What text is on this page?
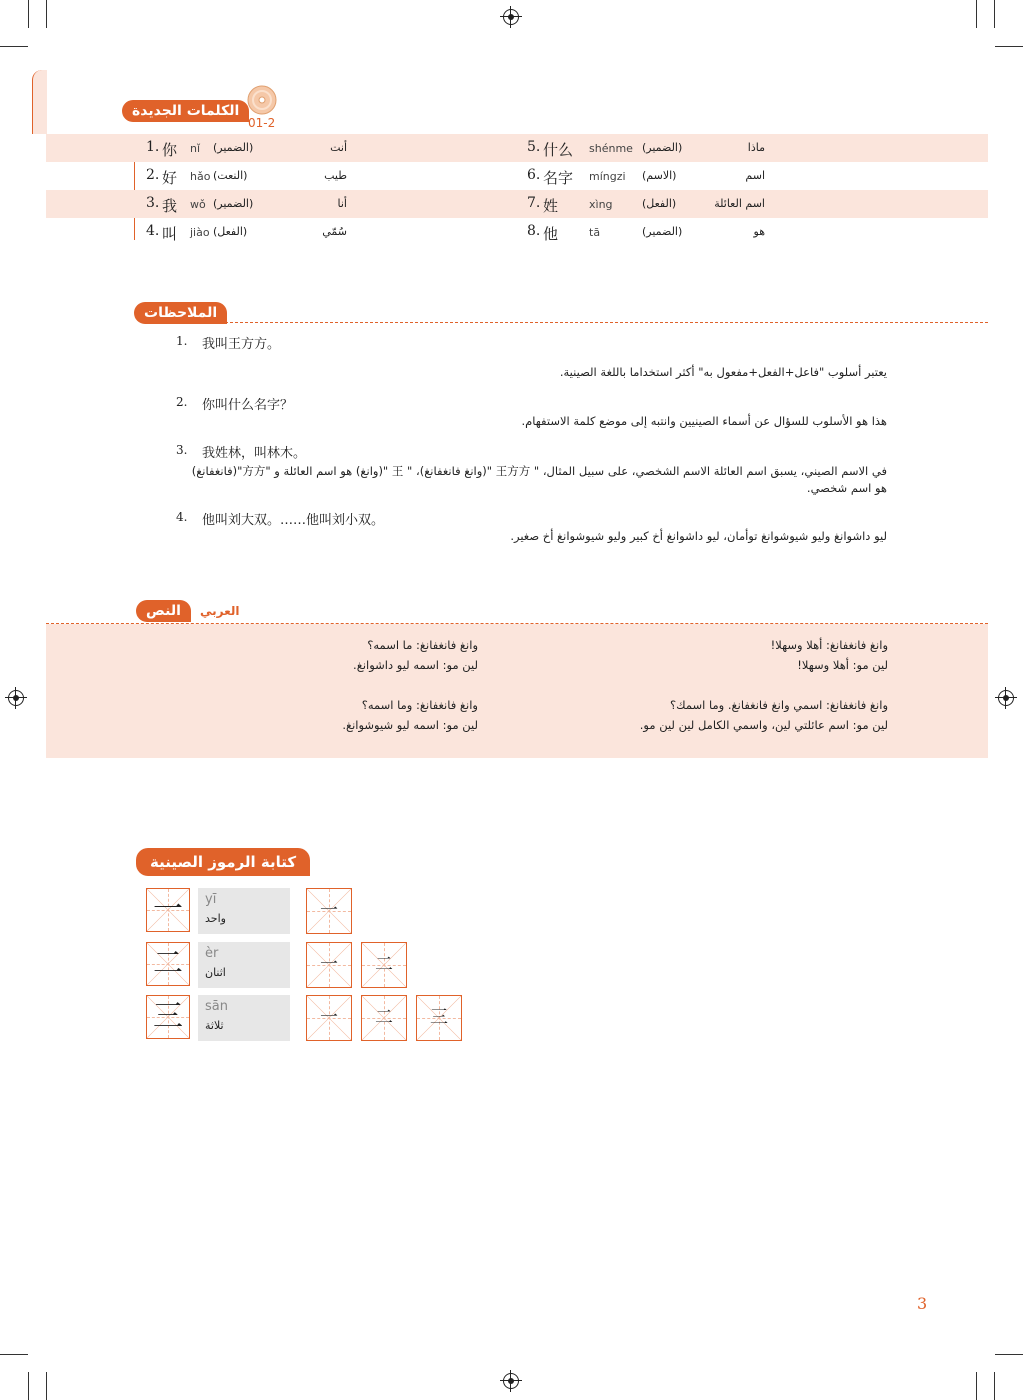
الكلمات الجديدة
01-2
1. 你 nǐ (الضمير)	أنت	5. 什么 shénme (الضمير)	ماذا
2. 好 hǎo (النعت)	طيب	6. 名字 míngzi (الاسم)	اسم
3. 我 wǒ (الضمير)	أنا	7. 姓	xìng	(الفعل)	اسم العائلة
4. 叫 jiào (الفعل)	سُمّي	8. 他	tā	(الضمير)	هو
الملاحظات
1. 我叫王方方。
يعتبر أسلوب "فاعل+الفعل+مفعول به" أكثر استخداما باللغة الصينية.
2. 你叫什么名字？
هذا هو الأسلوب للسؤال عن أسماء الصينيين وانتبه إلى موضع كلمة الاستفهام.
3. 我姓林，叫林木。
في الاسم الصيني، يسبق اسم العائلة الاسم الشخصي، على سبيل المثال، " 王方方 "(وانغ فانغفانغ)، " 王 "(وانغ) هو اسم العائلة و "方方"(فانغفانغ)
هو اسم شخصي.
4. 他叫刘大双。……他叫刘小双。
ليو داشوانغ وليو شيوشوانغ توأمان، ليو داشوانغ أخ كبير وليو شيوشوانغ أخ صغير.
النص	العربي
وانغ فانغفانغ: أهلا وسهلا!
لين مو: أهلا وسهلا!
وانغ فانغفانغ: اسمي وانغ فانغفانغ. وما اسمك؟
لين مو: اسم عائلتي لين، واسمي الكامل لين لين مو.
وانغ فانغفانغ: ما اسمه؟
لين مو: اسمه ليو داشوانغ.
وانغ فانغفانغ: وما اسمه؟
لين مو: اسمه ليو شيوشوانغ.
كتابة الرموز الصينية
一 yī
واحد	一
二 èr
اثنان	一 二
三 sān
ثلاثة	一 二 三
3
